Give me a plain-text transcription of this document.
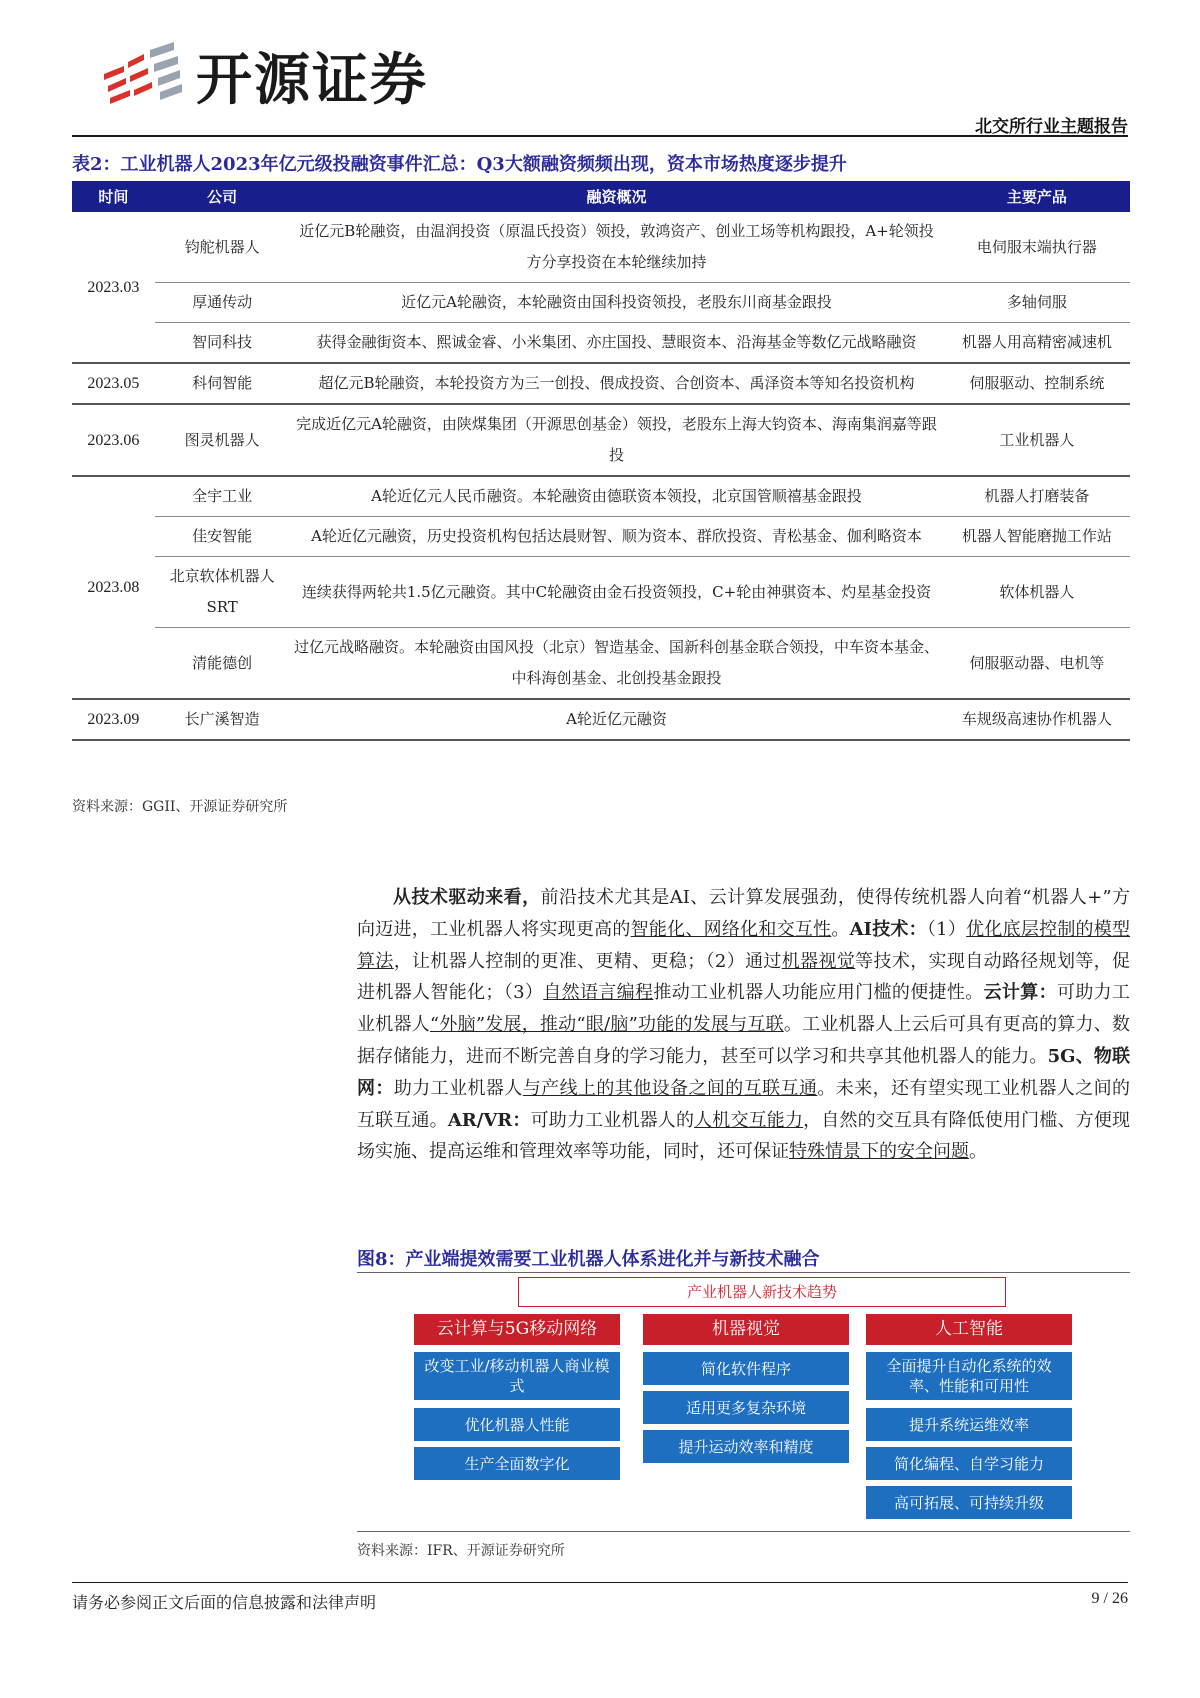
开源证券
北交所行业主题报告
表2：工业机器人2023年亿元级投融资事件汇总：Q3大额融资频频出现，资本市场热度逐步提升
时间	公司	融资概况	主要产品
2023.03	钧舵机器人	近亿元B轮融资，由温润投资（原温氏投资）领投，敦鸿资产、创业工场等机构跟投，A+轮领投方分享投资在本轮继续加持	电伺服末端执行器
	厚通传动	近亿元A轮融资，本轮融资由国科投资领投，老股东川商基金跟投	多轴伺服
	智同科技	获得金融街资本、熙诚金睿、小米集团、亦庄国投、慧眼资本、沿海基金等数亿元战略融资	机器人用高精密减速机
2023.05	科伺智能	超亿元B轮融资，本轮投资方为三一创投、偎成投资、合创资本、禹泽资本等知名投资机构	伺服驱动、控制系统
2023.06	图灵机器人	完成近亿元A轮融资，由陕煤集团（开源思创基金）领投，老股东上海大钧资本、海南集润嘉等跟投	工业机器人
2023.08	全宇工业	A轮近亿元人民币融资。本轮融资由德联资本领投，北京国管顺禧基金跟投	机器人打磨装备
	佳安智能	A轮近亿元融资，历史投资机构包括达晨财智、顺为资本、群欣投资、青松基金、伽利略资本	机器人智能磨抛工作站
	北京软体机器人SRT	连续获得两轮共1.5亿元融资。其中C轮融资由金石投资领投，C+轮由神骐资本、灼星基金投资	软体机器人
	清能德创	过亿元战略融资。本轮融资由国风投（北京）智造基金、国新科创基金联合领投，中车资本基金、中科海创基金、北创投基金跟投	伺服驱动器、电机等
2023.09	长广溪智造	A轮近亿元融资	车规级高速协作机器人
资料来源：GGII、开源证券研究所
从技术驱动来看，前沿技术尤其是AI、云计算发展强劲，使得传统机器人向着“机器人+”方向迈进，工业机器人将实现更高的智能化、网络化和交互性。AI技术：（1）优化底层控制的模型算法，让机器人控制的更准、更精、更稳；（2）通过机器视觉等技术，实现自动路径规划等，促进机器人智能化；（3）自然语言编程推动工业机器人功能应用门槛的便捷性。云计算：可助力工业机器人“外脑”发展，推动“眼/脑”功能的发展与互联。工业机器人上云后可具有更高的算力、数据存储能力，进而不断完善自身的学习能力，甚至可以学习和共享其他机器人的能力。5G、物联网：助力工业机器人与产线上的其他设备之间的互联互通。未来，还有望实现工业机器人之间的互联互通。AR/VR：可助力工业机器人的人机交互能力，自然的交互具有降低使用门槛、方便现场实施、提高运维和管理效率等功能，同时，还可保证特殊情景下的安全问题。
图8：产业端提效需要工业机器人体系进化并与新技术融合
产业机器人新技术趋势
云计算与5G移动网络	机器视觉	人工智能
改变工业/移动机器人商业模式
优化机器人性能
生产全面数字化
简化软件程序
适用更多复杂环境
提升运动效率和精度
全面提升自动化系统的效率、性能和可用性
提升系统运维效率
简化编程、自学习能力
高可拓展、可持续升级
资料来源：IFR、开源证券研究所
请务必参阅正文后面的信息披露和法律声明	9 / 26
